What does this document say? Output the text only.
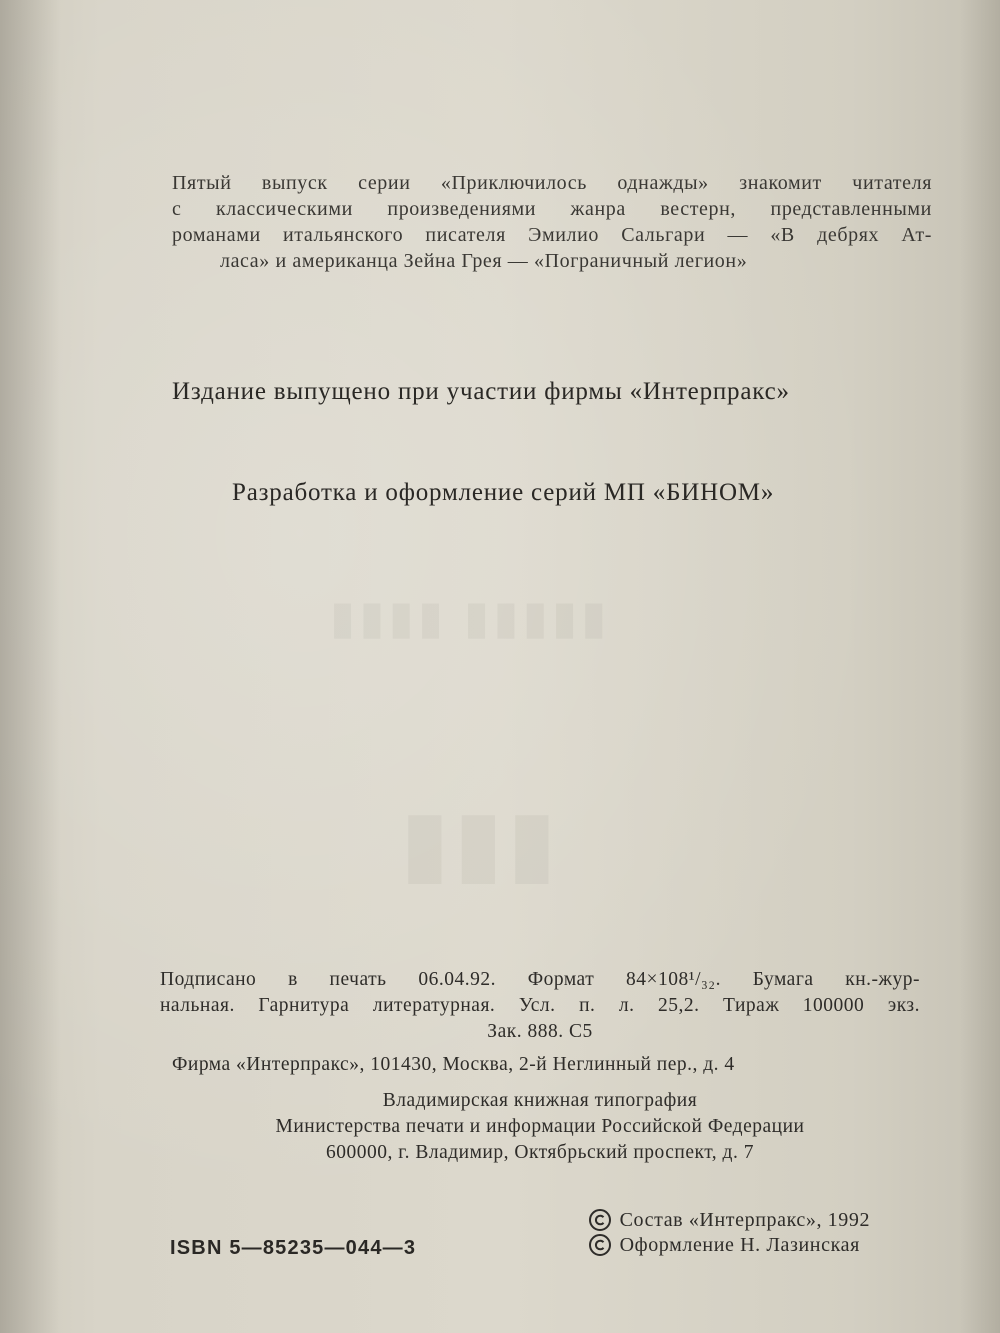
▮▮▮▮ ▮▮▮▮▮
▮▮▮
Пятый выпуск серии «Приключилось однажды» знакомит читателя
с классическими произведениями жанра вестерн, представленными
романами итальянского писателя Эмилио Сальгари — «В дебрях Ат-
ласа» и американца Зейна Грея — «Пограничный легион»
Издание выпущено при участии фирмы «Интерпракс»
Разработка и оформление серий МП «БИНОМ»
Подписано в печать 06.04.92. Формат 84×108¹/₃₂. Бумага кн.-жур-
нальная. Гарнитура литературная. Усл. п. л. 25,2. Тираж 100000 экз.
Зак. 888. С5
Фирма «Интерпракс», 101430, Москва, 2-й Неглинный пер., д. 4
Владимирская книжная типография
Министерства печати и информации Российской Федерации
600000, г. Владимир, Октябрьский проспект, д. 7
ISBN 5—85235—044—3
Состав «Интерпракс», 1992
Оформление Н. Лазинская
